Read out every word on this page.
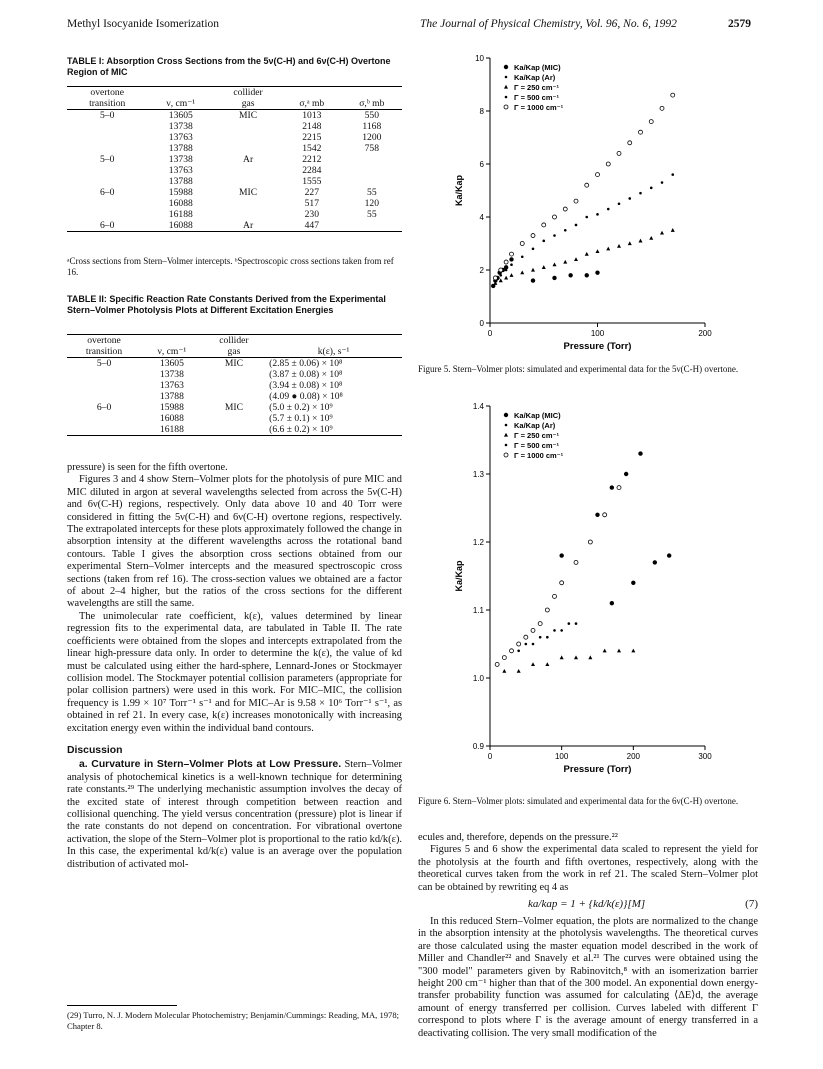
Methyl Isocyanide Isomerization	The Journal of Physical Chemistry, Vol. 96, No. 6, 1992	2579
TABLE I: Absorption Cross Sections from the 5ν(C-H) and 6ν(C-H) Overtone Region of MIC
overtone		collider		
transition	ν, cm⁻¹	gas	σ,ᵃ mb	σ,ᵇ mb
5–0	13605	MIC	1013	550
	13738		2148	1168
	13763		2215	1200
	13788		1542	758
5–0	13738	Ar	2212	
	13763		2284	
	13788		1555	
6–0	15988	MIC	227	55
	16088		517	120
	16188		230	55
6–0	16088	Ar	447	
ᵃCross sections from Stern–Volmer intercepts. ᵇSpectroscopic cross sections taken from ref 16.
TABLE II: Specific Reaction Rate Constants Derived from the Experimental Stern–Volmer Photolysis Plots at Different Excitation Energies
overtone		collider	
transition	ν, cm⁻¹	gas	k(ε), s⁻¹
5–0	13605	MIC	(2.85 ± 0.06) × 10⁸
	13738		(3.87 ± 0.08) × 10⁸
	13763		(3.94 ± 0.08) × 10⁸
	13788		(4.09 ● 0.08) × 10⁸
6–0	15988	MIC	(5.0 ± 0.2) × 10⁹
	16088		(5.7 ± 0.1) × 10⁹
	16188		(6.6 ± 0.2) × 10⁹

pressure) is seen for the fifth overtone.

Figures 3 and 4 show Stern–Volmer plots for the photolysis of pure MIC and MIC diluted in argon at several wavelengths selected from across the 5ν(C-H) and 6ν(C-H) regions, respectively. Only data above 10 and 40 Torr were considered in fitting the 5ν(C-H) and 6ν(C-H) overtone regions, respectively. The extrapolated intercepts for these plots approximately followed the change in absorption intensity at the different wavelengths across the rotational band contours. Table I gives the absorption cross sections obtained from our experimental Stern–Volmer intercepts and the measured spectroscopic cross sections (taken from ref 16). The cross-section values we obtained are a factor of about 2–4 higher, but the ratios of the cross sections for the different wavelengths are still the same.

The unimolecular rate coefficient, k(ε), values determined by linear regression fits to the experimental data, are tabulated in Table II. The rate coefficients were obtained from the slopes and intercepts extrapolated from the linear high-pressure data only. In order to determine the k(ε), the value of kd must be calculated using either the hard-sphere, Lennard-Jones or Stockmayer collision model. The Stockmayer potential collision parameters (appropriate for polar collision partners) were used in this work. For MIC–MIC, the collision frequency is 1.99 × 10⁷ Torr⁻¹ s⁻¹ and for MIC–Ar is 9.58 × 10⁶ Torr⁻¹ s⁻¹, as obtained in ref 21. In every case, k(ε) increases monotonically with increasing excitation energy even within the individual band contours.

Discussion

a. Curvature in Stern–Volmer Plots at Low Pressure. Stern–Volmer analysis of photochemical kinetics is a well-known technique for determining rate constants.²⁹ The underlying mechanistic assumption involves the decay of the excited state of interest through competition between reaction and collisional quenching. The yield versus concentration (pressure) plot is linear if the rate constants do not depend on concentration. For vibrational overtone activation, the slope of the Stern–Volmer plot is proportional to the ratio kd/k(ε). In this case, the experimental kd/k(ε) value is an average over the population distribution of activated mol-

(29) Turro, N. J. Modern Molecular Photochemistry; Benjamin/Cummings: Reading, MA, 1978; Chapter 8.
0
2
4
6
8
10
0	100	200
Pressure (Torr)
Ka/Kap
Ka/Kap (MIC)
Ka/Kap (Ar)
Γ = 250 cm⁻¹
Γ = 500 cm⁻¹
Γ = 1000 cm⁻¹
Figure 5. Stern–Volmer plots: simulated and experimental data for the 5ν(C-H) overtone.
0.9
1.0
1.1
1.2
1.3
1.4
0	100	200	300
Pressure (Torr)
Ka/Kap
Ka/Kap (MIC)
Ka/Kap (Ar)
Γ = 250 cm⁻¹
Γ = 500 cm⁻¹
Γ = 1000 cm⁻¹
Figure 6. Stern–Volmer plots: simulated and experimental data for the 6ν(C-H) overtone.

ecules and, therefore, depends on the pressure.²²

Figures 5 and 6 show the experimental data scaled to represent the yield for the photolysis at the fourth and fifth overtones, respectively, along with the theoretical curves taken from the work in ref 21. The scaled Stern–Volmer plot can be obtained by rewriting eq 4 as

ka/kap = 1 + {kd/k(ε)}[M]	(7)

In this reduced Stern–Volmer equation, the plots are normalized to the change in the absorption intensity at the photolysis wavelengths. The theoretical curves are those calculated using the master equation model described in the work of Miller and Chandler²² and Snavely et al.²¹ The curves were obtained using the "300 model" parameters given by Rabinovitch,⁸ with an isomerization barrier height 200 cm⁻¹ higher than that of the 300 model. An exponential down energy-transfer probability function was assumed for calculating ⟨ΔE⟩d, the average amount of energy transferred per collision. Curves labeled with different Γ correspond to plots where Γ is the average amount of energy transferred in a deactivating collision. The very small modification of the
